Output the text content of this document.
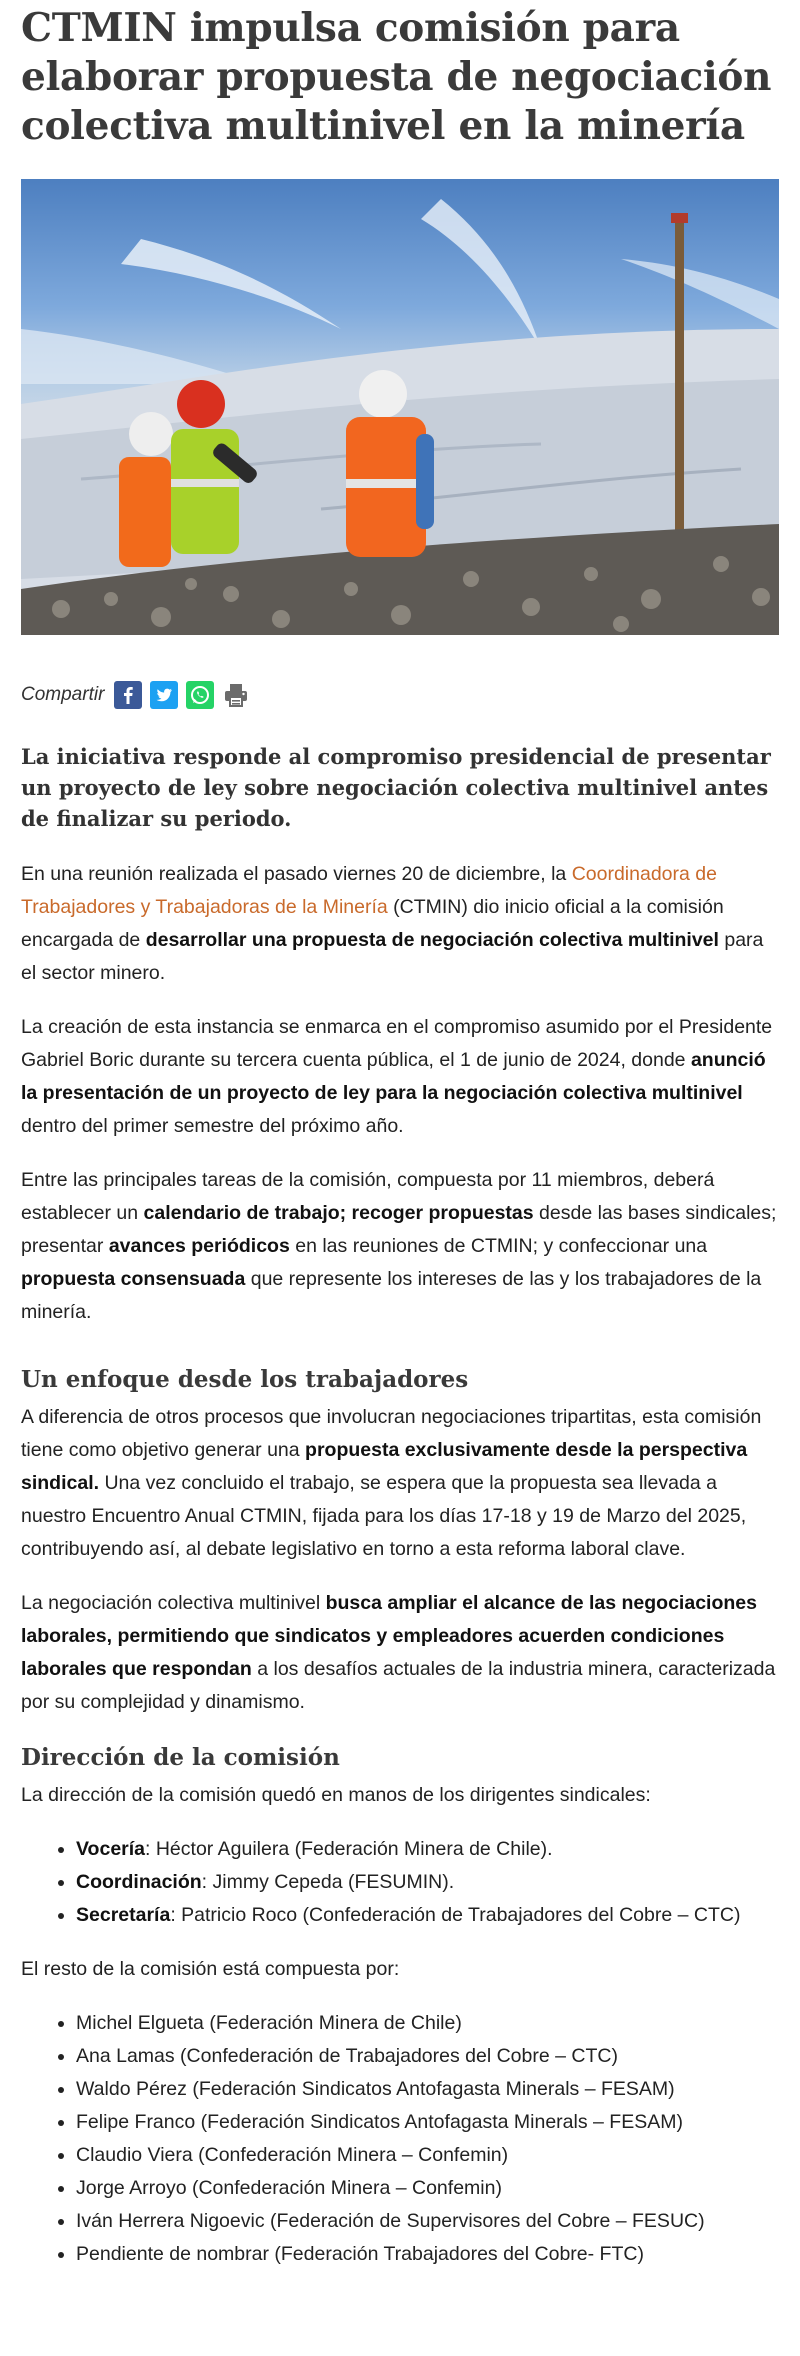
CTMIN impulsa comisión para elaborar propuesta de negociación colectiva multinivel en la minería
Compartir

La iniciativa responde al compromiso presidencial de presentar un proyecto de ley sobre negociación colectiva multinivel antes de finalizar su periodo.

En una reunión realizada el pasado viernes 20 de diciembre, la Coordinadora de Trabajadores y Trabajadoras de la Minería (CTMIN) dio inicio oficial a la comisión encargada de desarrollar una propuesta de negociación colectiva multinivel para el sector minero.

La creación de esta instancia se enmarca en el compromiso asumido por el Presidente Gabriel Boric durante su tercera cuenta pública, el 1 de junio de 2024, donde anunció la presentación de un proyecto de ley para la negociación colectiva multinivel dentro del primer semestre del próximo año.

Entre las principales tareas de la comisión, compuesta por 11 miembros, deberá establecer un calendario de trabajo; recoger propuestas desde las bases sindicales; presentar avances periódicos en las reuniones de CTMIN; y confeccionar una propuesta consensuada que represente los intereses de las y los trabajadores de la minería.

Un enfoque desde los trabajadores

A diferencia de otros procesos que involucran negociaciones tripartitas, esta comisión tiene como objetivo generar una propuesta exclusivamente desde la perspectiva sindical. Una vez concluido el trabajo, se espera que la propuesta sea llevada a nuestro Encuentro Anual CTMIN, fijada para los días 17-18 y 19 de Marzo del 2025, contribuyendo así, al debate legislativo en torno a esta reforma laboral clave.

La negociación colectiva multinivel busca ampliar el alcance de las negociaciones laborales, permitiendo que sindicatos y empleadores acuerden condiciones laborales que respondan a los desafíos actuales de la industria minera, caracterizada por su complejidad y dinamismo.

Dirección de la comisión

La dirección de la comisión quedó en manos de los dirigentes sindicales:

• Vocería: Héctor Aguilera (Federación Minera de Chile).
• Coordinación: Jimmy Cepeda (FESUMIN).
• Secretaría: Patricio Roco (Confederación de Trabajadores del Cobre – CTC)

El resto de la comisión está compuesta por:

• Michel Elgueta (Federación Minera de Chile)
• Ana Lamas (Confederación de Trabajadores del Cobre – CTC)
• Waldo Pérez (Federación Sindicatos Antofagasta Minerals – FESAM)
• Felipe Franco (Federación Sindicatos Antofagasta Minerals – FESAM)
• Claudio Viera (Confederación Minera – Confemin)
• Jorge Arroyo (Confederación Minera – Confemin)
• Iván Herrera Nigoevic (Federación de Supervisores del Cobre – FESUC)
• Pendiente de nombrar (Federación Trabajadores del Cobre- FTC)
